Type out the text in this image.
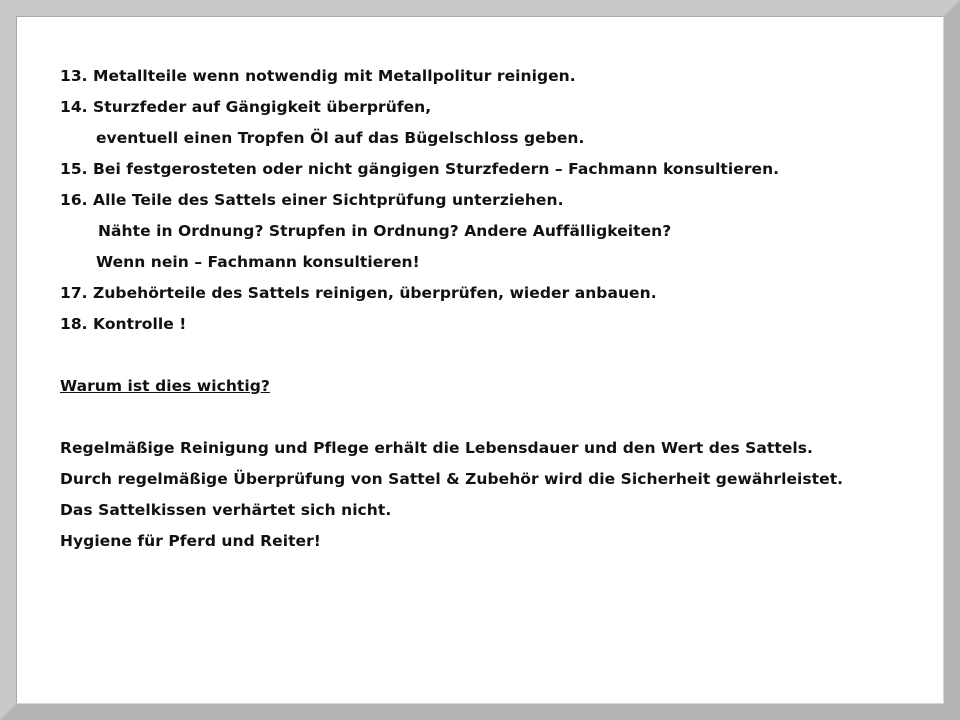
13. Metallteile wenn notwendig mit Metallpolitur reinigen.
14. Sturzfeder auf Gängigkeit überprüfen,
eventuell einen Tropfen Öl auf das Bügelschloss geben.
15. Bei festgerosteten oder nicht gängigen Sturzfedern – Fachmann konsultieren.
16. Alle Teile des Sattels einer Sichtprüfung unterziehen.
Nähte in Ordnung? Strupfen in Ordnung? Andere Auffälligkeiten?
Wenn nein – Fachmann konsultieren!
17. Zubehörteile des Sattels reinigen, überprüfen, wieder anbauen.
18. Kontrolle !
Warum ist dies wichtig?
Regelmäßige Reinigung und Pflege erhält die Lebensdauer und den Wert des Sattels.
Durch regelmäßige Überprüfung von Sattel & Zubehör wird die Sicherheit gewährleistet.
Das Sattelkissen verhärtet sich nicht.
Hygiene für Pferd und Reiter!
